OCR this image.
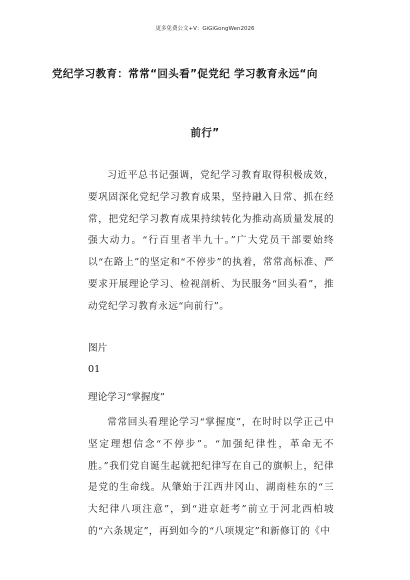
更多免费公文+V：GiGiGongWen2026
党纪学习教育：常常“回头看”促党纪 学习教育永远“向
前行”
习近平总书记强调，党纪学习教育取得积极成效，要巩固深化党纪学习教育成果，坚持融入日常、抓在经常，把党纪学习教育成果持续转化为推动高质量发展的强大动力。“行百里者半九十。”广大党员干部要始终以“在路上”的坚定和“不停步”的执着，常常高标准、严要求开展理论学习、检视剖析、为民服务“回头看”，推动党纪学习教育永远“向前行”。
图片
01
理论学习“掌握度”
常常回头看理论学习“掌握度”，在时时以学正己中坚定理想信念“不停步”。“加强纪律性，革命无不胜。”我们党自诞生起就把纪律写在自己的旗帜上，纪律是党的生命线。从肇始于江西井冈山、湖南桂东的“三大纪律八项注意”，到“进京赶考”前立于河北西柏坡的“六条规定”，再到如今的“八项规定”和新修订的《中
